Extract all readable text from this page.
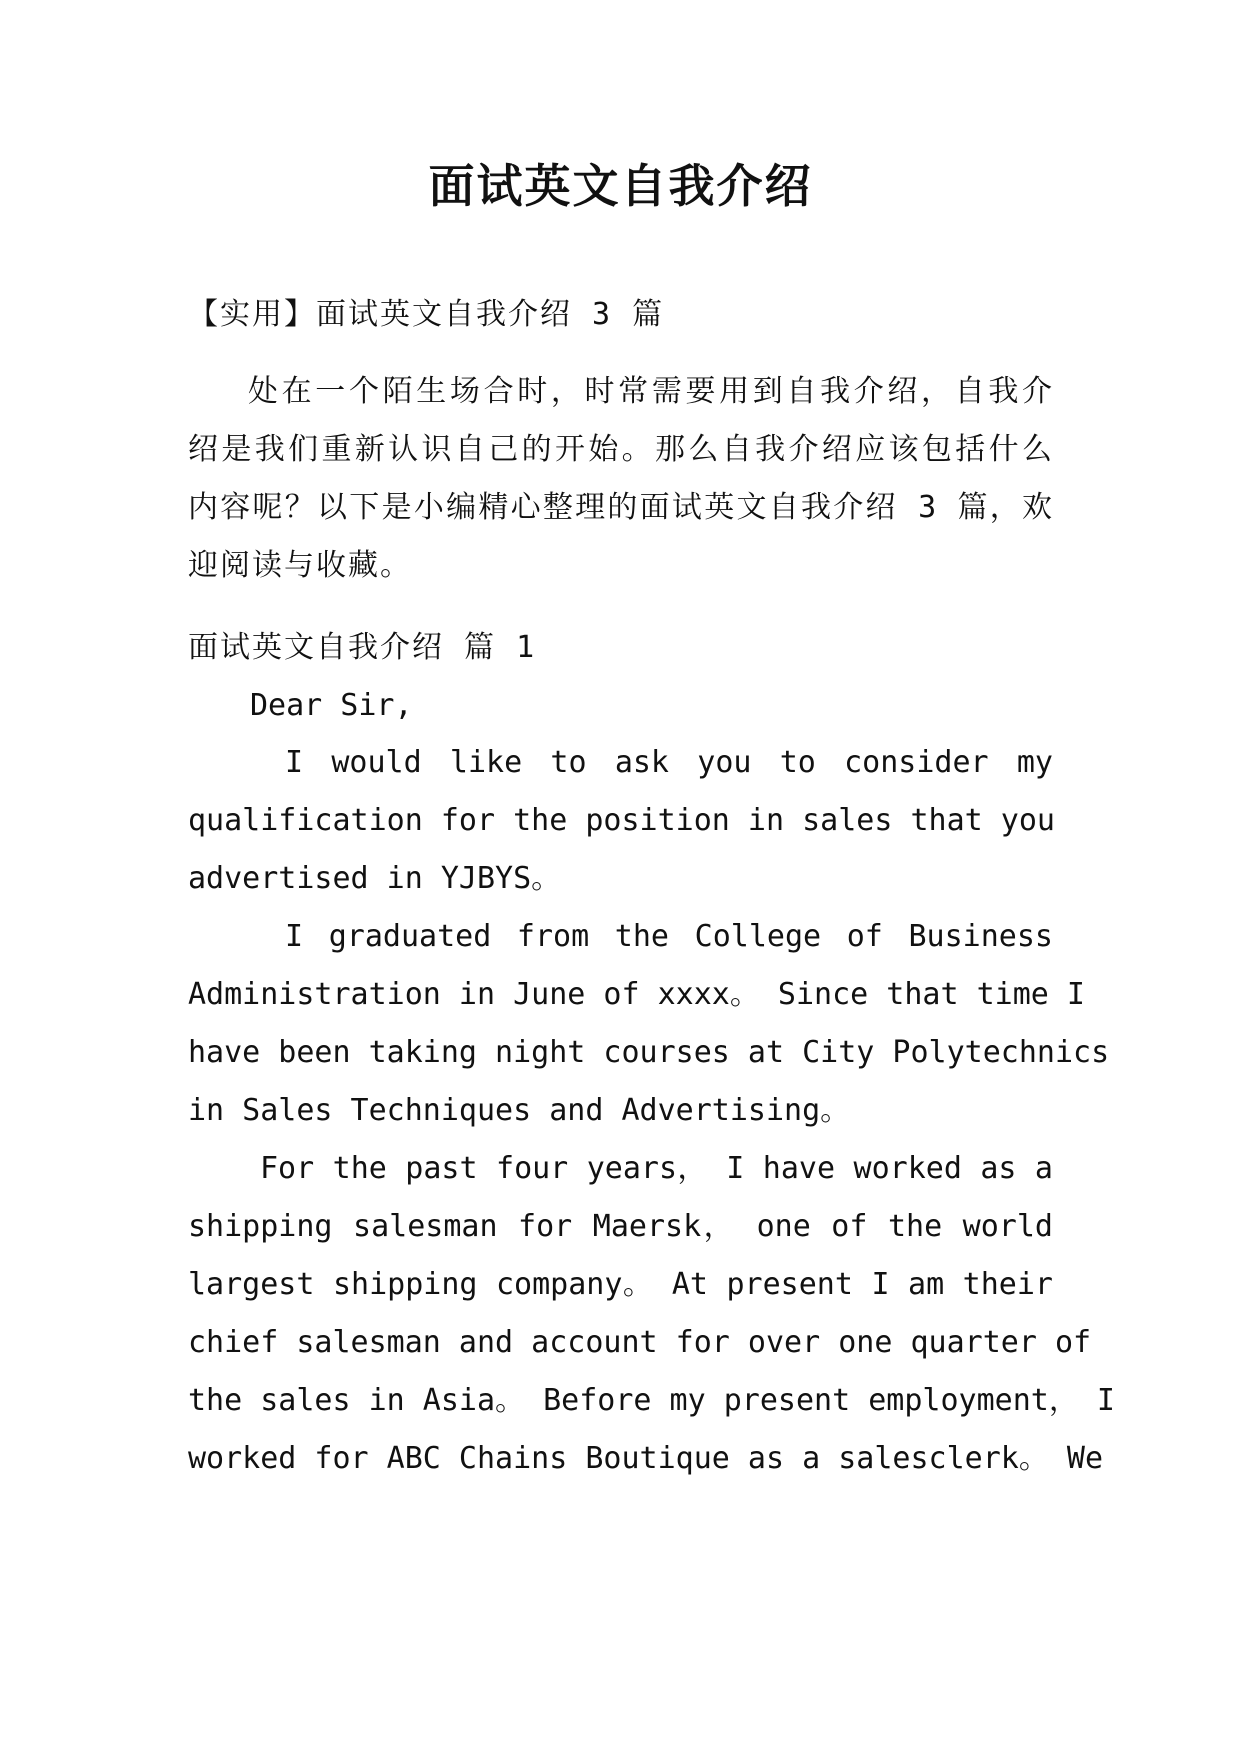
面试英文自我介绍

【实用】面试英文自我介绍 3 篇

处在一个陌生场合时，时常需要用到自我介绍，自我介

绍是我们重新认识自己的开始。那么自我介绍应该包括什么

内容呢？以下是小编精心整理的面试英文自我介绍 3 篇，欢

迎阅读与收藏。

面试英文自我介绍 篇 1

Dear Sir,

I would like to ask you to consider my

qualification for the position in sales that you

advertised in YJBYS。

I graduated from the College of Business

Administration in June of xxxx。 Since that time I

have been taking night courses at City Polytechnics

in Sales Techniques and Advertising。

For the past four years， I have worked as a

shipping salesman for Maersk， one of the world

largest shipping company。 At present I am their

chief salesman and account for over one quarter of

the sales in Asia。 Before my present employment， I

worked for ABC Chains Boutique as a salesclerk。 We
